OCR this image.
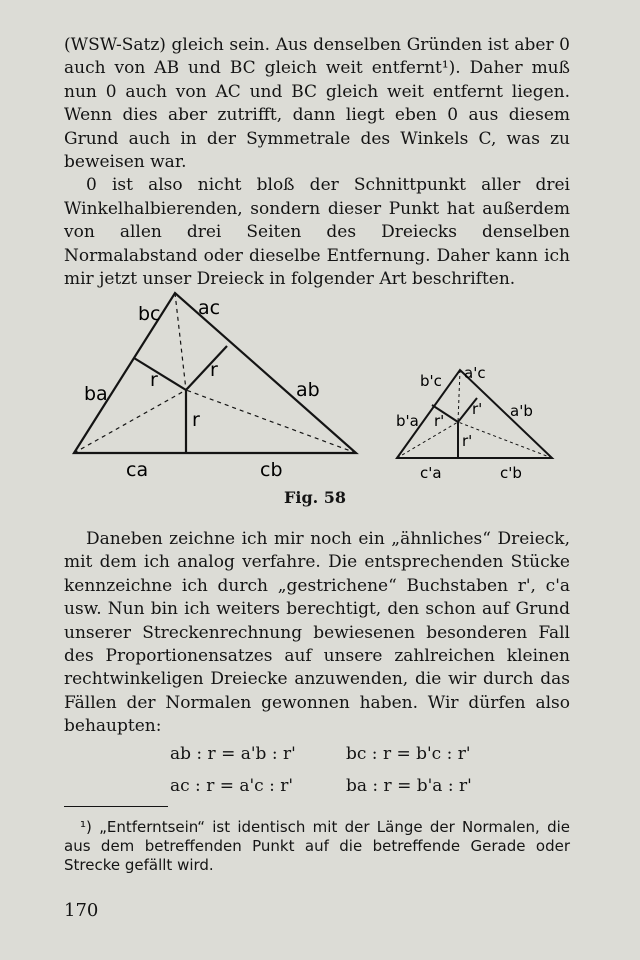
(WSW-Satz) gleich sein. Aus denselben Gründen ist aber 0 auch von AB und BC gleich weit entfernt¹). Daher muß nun 0 auch von AC und BC gleich weit entfernt liegen. Wenn dies aber zutrifft, dann liegt eben 0 aus diesem Grund auch in der Symmetrale des Winkels C, was zu beweisen war.

0 ist also nicht bloß der Schnittpunkt aller drei Winkelhalbierenden, sondern dieser Punkt hat außerdem von allen drei Seiten des Dreiecks denselben Normalabstand oder dieselbe Entfernung. Daher kann ich mir jetzt unser Dreieck in folgender Art beschriften.

bc ac
ba	ab
r	r
r
ca	cb
b'c a'c
b'a
a'b
r'
r'
r'
c'a	c'b
Fig. 58

Daneben zeichne ich mir noch ein „ähnliches“ Dreieck, mit dem ich analog verfahre. Die entsprechenden Stücke kennzeichne ich durch „gestrichene“ Buchstaben r', c'a usw. Nun bin ich weiters berechtigt, den schon auf Grund unserer Streckenrechnung bewiesenen besonderen Fall des Proportionensatzes auf unsere zahlreichen kleinen rechtwinkeligen Dreiecke anzuwenden, die wir durch das Fällen der Normalen gewonnen haben. Wir dürfen also behaupten:

ab : r = a'b : r'	bc : r = b'c : r'
ac : r = a'c : r'	ba : r = b'a : r'
¹) „Entferntsein“ ist identisch mit der Länge der Normalen, die aus dem betreffenden Punkt auf die betreffende Gerade oder Strecke gefällt wird.
170
